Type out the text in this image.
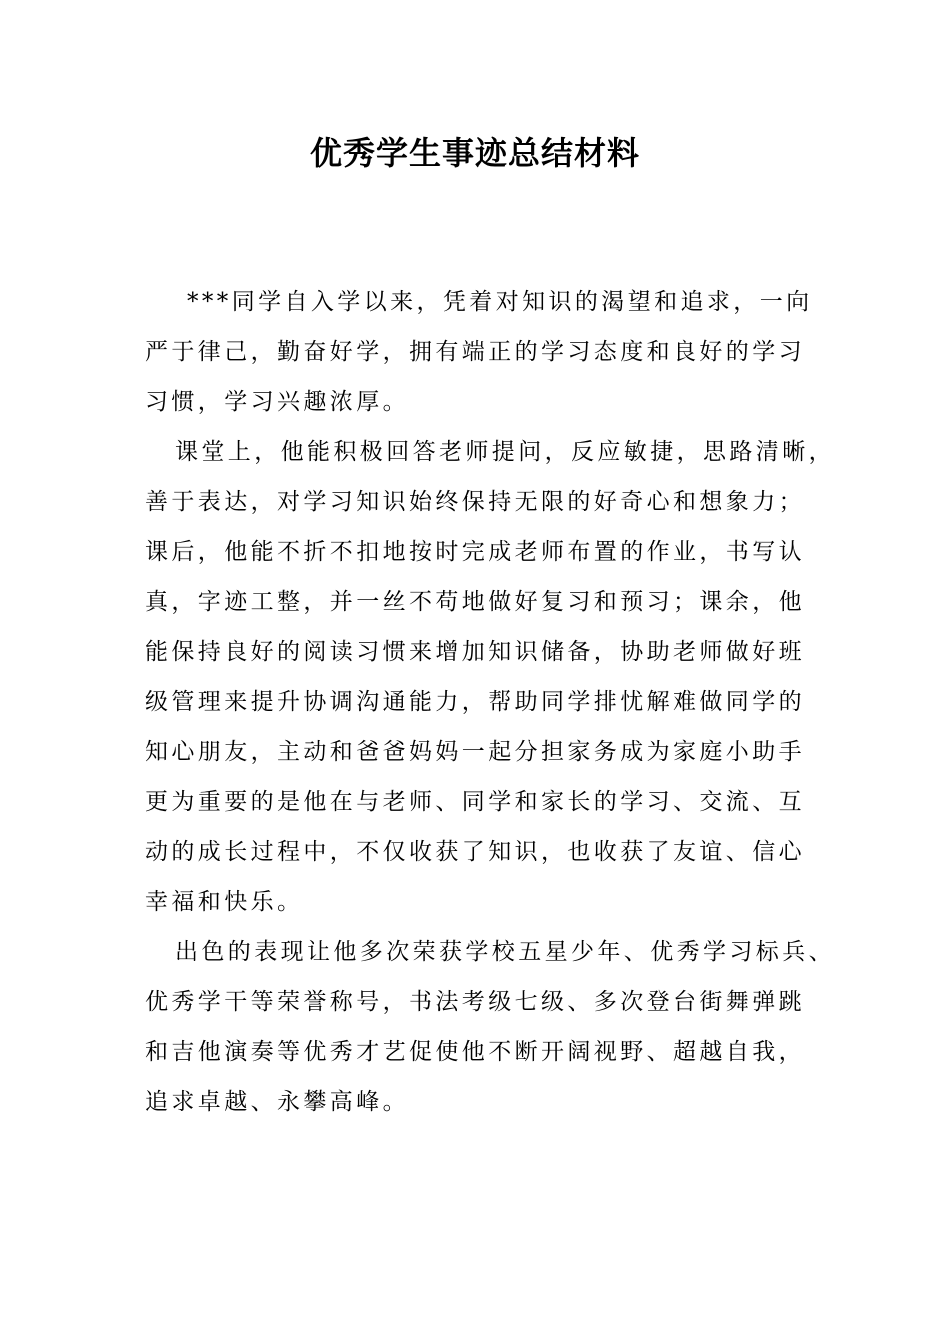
优秀学生事迹总结材料
***同学自入学以来，凭着对知识的渴望和追求，一向
严于律己，勤奋好学，拥有端正的学习态度和良好的学习
习惯，学习兴趣浓厚。
课堂上，他能积极回答老师提问，反应敏捷，思路清晰，
善于表达，对学习知识始终保持无限的好奇心和想象力；
课后，他能不折不扣地按时完成老师布置的作业，书写认
真，字迹工整，并一丝不苟地做好复习和预习；课余，他
能保持良好的阅读习惯来增加知识储备，协助老师做好班
级管理来提升协调沟通能力，帮助同学排忧解难做同学的
知心朋友，主动和爸爸妈妈一起分担家务成为家庭小助手
更为重要的是他在与老师、同学和家长的学习、交流、互
动的成长过程中，不仅收获了知识，也收获了友谊、信心
幸福和快乐。
出色的表现让他多次荣获学校五星少年、优秀学习标兵、
优秀学干等荣誉称号，书法考级七级、多次登台街舞弹跳
和吉他演奏等优秀才艺促使他不断开阔视野、超越自我，
追求卓越、永攀高峰。
